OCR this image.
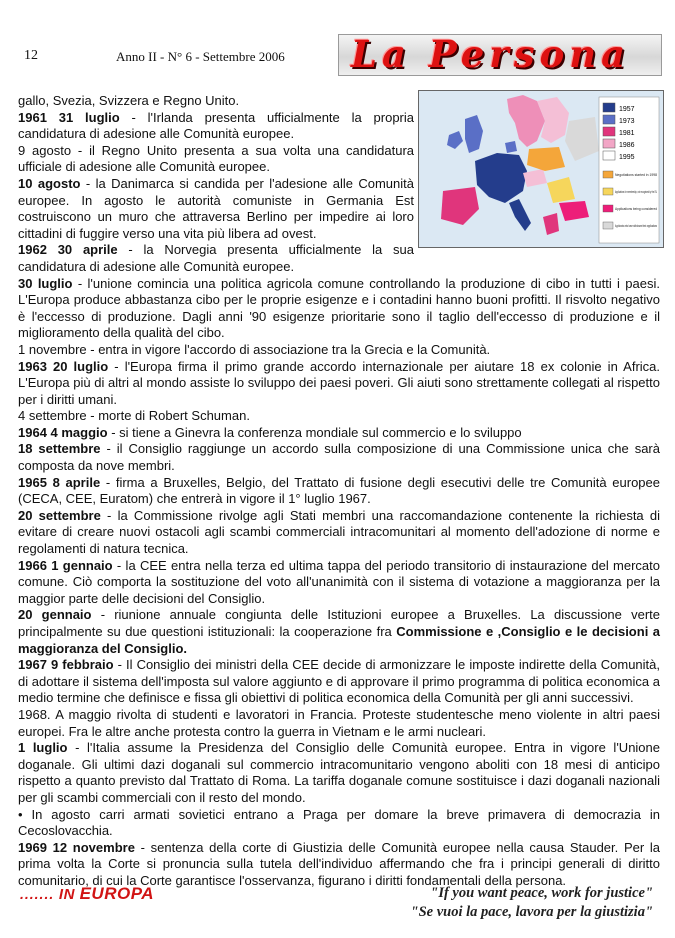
12	Anno II - N° 6 - Settembre 2006 La Persona
1957
1973
1981
1986
1995
Negotiations started in 1998
Applications for membership, not recognised by the EU
Applications being considered
Applicants who have withdrawn their applications

gallo, Svezia, Svizzera e Regno Unito.

1961 31 luglio - l'Irlanda presenta ufficialmente la propria candidatura di adesione alle Comunità europee.

9 agosto - il Regno Unito presenta a sua volta una candidatura ufficiale di adesione alle Comunità europee.

10 agosto - la Danimarca si candida per l'adesione alle Comunità europee. In agosto le autorità comuniste in Germania Est costruiscono un muro che attraversa Berlino per impedire ai loro cittadini di fuggire verso una vita più libera ad ovest.

1962 30 aprile - la Norvegia presenta ufficialmente la sua candidatura di adesione alle Comunità europee.

30 luglio - l'unione comincia una politica agricola comune controllando la produzione di cibo in tutti i paesi. L'Europa produce abbastanza cibo per le proprie esigenze e i contadini hanno buoni profitti. Il risvolto negativo è l'eccesso di produzione. Dagli anni '90 esigenze prioritarie sono il taglio dell'eccesso di produzione e il miglioramento della qualità del cibo.

1 novembre - entra in vigore l'accordo di associazione tra la Grecia e la Comunità.

1963 20 luglio - l'Europa firma il primo grande accordo internazionale per aiutare 18 ex colonie in Africa. L'Europa più di altri al mondo assiste lo sviluppo dei paesi poveri. Gli aiuti sono strettamente collegati al rispetto per i diritti umani.

4 settembre - morte di Robert Schuman.

1964 4 maggio - si tiene a Ginevra la conferenza mondiale sul commercio e lo sviluppo

18 settembre - il Consiglio raggiunge un accordo sulla composizione di una Commissione unica che sarà composta da nove membri.

1965 8 aprile - firma a Bruxelles, Belgio, del Trattato di fusione degli esecutivi delle tre Comunità europee (CECA, CEE, Euratom) che entrerà in vigore il 1° luglio 1967.

20 settembre - la Commissione rivolge agli Stati membri una raccomandazione contenente la richiesta di evitare di creare nuovi ostacoli agli scambi commerciali intracomunitari al momento dell'adozione di norme e regolamenti di natura tecnica.

1966 1 gennaio - la CEE entra nella terza ed ultima tappa del periodo transitorio di instaurazione del mercato comune. Ciò comporta la sostituzione del voto all'unanimità con il sistema di votazione a maggioranza per la maggior parte delle decisioni del Consiglio.

20 gennaio - riunione annuale congiunta delle Istituzioni europee a Bruxelles. La discussione verte principalmente su due questioni istituzionali: la cooperazione fra Commissione e ,Consiglio e le decisioni a maggioranza del Consiglio.

1967 9 febbraio - Il Consiglio dei ministri della CEE decide di armonizzare le imposte indirette della Comunità, di adottare il sistema dell'imposta sul valore aggiunto e di approvare il primo programma di politica economica a medio termine che definisce e fissa gli obiettivi di politica economica della Comunità per gli anni successivi.

1968. A maggio rivolta di studenti e lavoratori in Francia. Proteste studentesche meno violente in altri paesi europei. Fra le altre anche protesta contro la guerra in Vietnam e le armi nucleari.

1 luglio - l'Italia assume la Presidenza del Consiglio delle Comunità europee. Entra in vigore l'Unione doganale. Gli ultimi dazi doganali sul commercio intracomunitario vengono aboliti con 18 mesi di anticipo rispetto a quanto previsto dal Trattato di Roma. La tariffa doganale comune sostituisce i dazi doganali nazionali per gli scambi commerciali con il resto del mondo.

• In agosto carri armati sovietici entrano a Praga per domare la breve primavera di democrazia in Cecoslovacchia.

1969 12 novembre - sentenza della corte di Giustizia delle Comunità europee nella causa Stauder. Per la prima volta la Corte si pronuncia sulla tutela dell'individuo affermando che fra i principi generali di diritto comunitario, di cui la Corte garantisce l'osservanza, figurano i diritti fondamentali della persona.

....... IN EUROPA	"If you want peace, work for justice"
"Se vuoi la pace, lavora per la giustizia"
